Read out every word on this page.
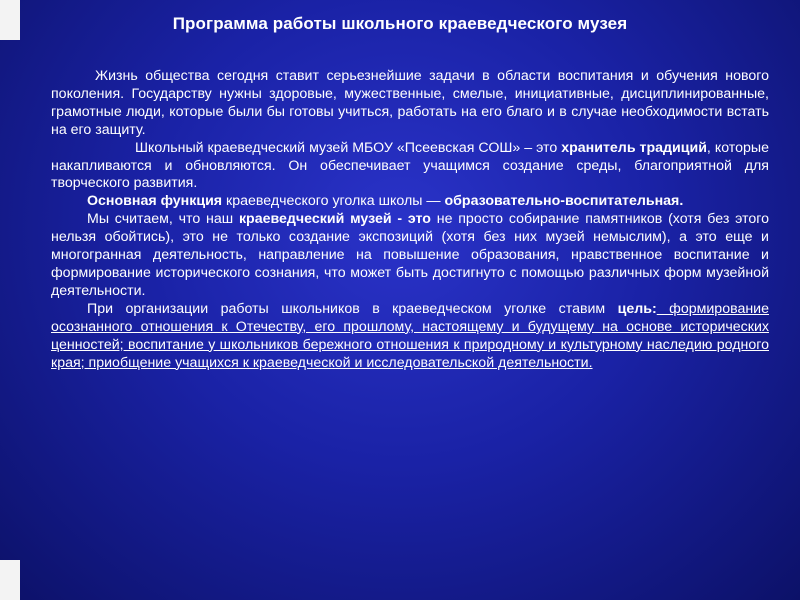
Программа работы школьного краеведческого музея

Жизнь общества сегодня ставит серьезнейшие задачи в области воспитания и обучения нового поколения. Государству нужны здоровые, мужественные, смелые, инициативные, дисциплинированные, грамотные люди, которые были бы готовы учиться, работать на его благо и в случае необходимости встать на его защиту.

Школьный краеведческий музей МБОУ «Псеевская СОШ» – это хранитель традиций, которые накапливаются и обновляются. Он обеспечивает учащимся создание среды, благоприятной для творческого развития.

Основная функция краеведческого уголка школы — образовательно-воспитательная.

Мы считаем, что наш краеведческий музей - это не просто собирание памятников (хотя без этого нельзя обойтись), это не только создание экспозиций (хотя без них музей немыслим), а это еще и многогранная деятельность, направление на повышение образования, нравственное воспитание и формирование исторического сознания, что может быть достигнуто с помощью различных форм музейной деятельности.

При организации работы школьников в краеведческом уголке ставим цель: формирование осознанного отношения к Отечеству, его прошлому, настоящему и будущему на основе исторических ценностей; воспитание у школьников бережного отношения к природному и культурному наследию родного края; приобщение учащихся к краеведческой и исследовательской деятельности.
